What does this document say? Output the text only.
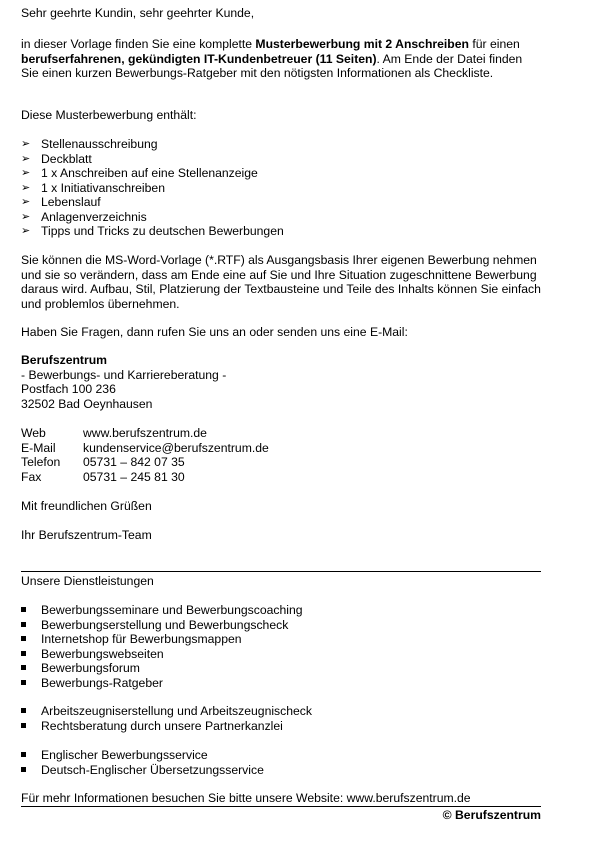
Sehr geehrte Kundin, sehr geehrter Kunde,

in dieser Vorlage finden Sie eine komplette Musterbewerbung mit 2 Anschreiben für einen berufserfahrenen, gekündigten IT-Kundenbetreuer (11 Seiten). Am Ende der Datei finden Sie einen kurzen Bewerbungs-Ratgeber mit den nötigsten Informationen als Checkliste.

Diese Musterbewerbung enthält:

➢ Stellenausschreibung
➢ Deckblatt
➢ 1 x Anschreiben auf eine Stellenanzeige
➢ 1 x Initiativanschreiben
➢ Lebenslauf
➢ Anlagenverzeichnis
➢ Tipps und Tricks zu deutschen Bewerbungen

Sie können die MS-Word-Vorlage (*.RTF) als Ausgangsbasis Ihrer eigenen Bewerbung nehmen und sie so verändern, dass am Ende eine auf Sie und Ihre Situation zugeschnittene Bewerbung daraus wird. Aufbau, Stil, Platzierung der Textbausteine und Teile des Inhalts können Sie einfach und problemlos übernehmen.

Haben Sie Fragen, dann rufen Sie uns an oder senden uns eine E-Mail:

Berufszentrum

- Bewerbungs- und Karriereberatung -

Postfach 100 236

32502 Bad Oeynhausen

Web	www.berufszentrum.de
E-Mail	kundenservice@berufszentrum.de
Telefon	05731 – 842 07 35
Fax	05731 – 245 81 30

Mit freundlichen Grüßen

Ihr Berufszentrum-Team

Unsere Dienstleistungen

Bewerbungsseminare und Bewerbungscoaching
Bewerbungserstellung und Bewerbungscheck
Internetshop für Bewerbungsmappen
Bewerbungswebseiten
Bewerbungsforum
Bewerbungs-Ratgeber
Arbeitszeugniserstellung und Arbeitszeugnischeck
Rechtsberatung durch unsere Partnerkanzlei
Englischer Bewerbungsservice
Deutsch-Englischer Übersetzungsservice

Für mehr Informationen besuchen Sie bitte unsere Website: www.berufszentrum.de

© Berufszentrum
